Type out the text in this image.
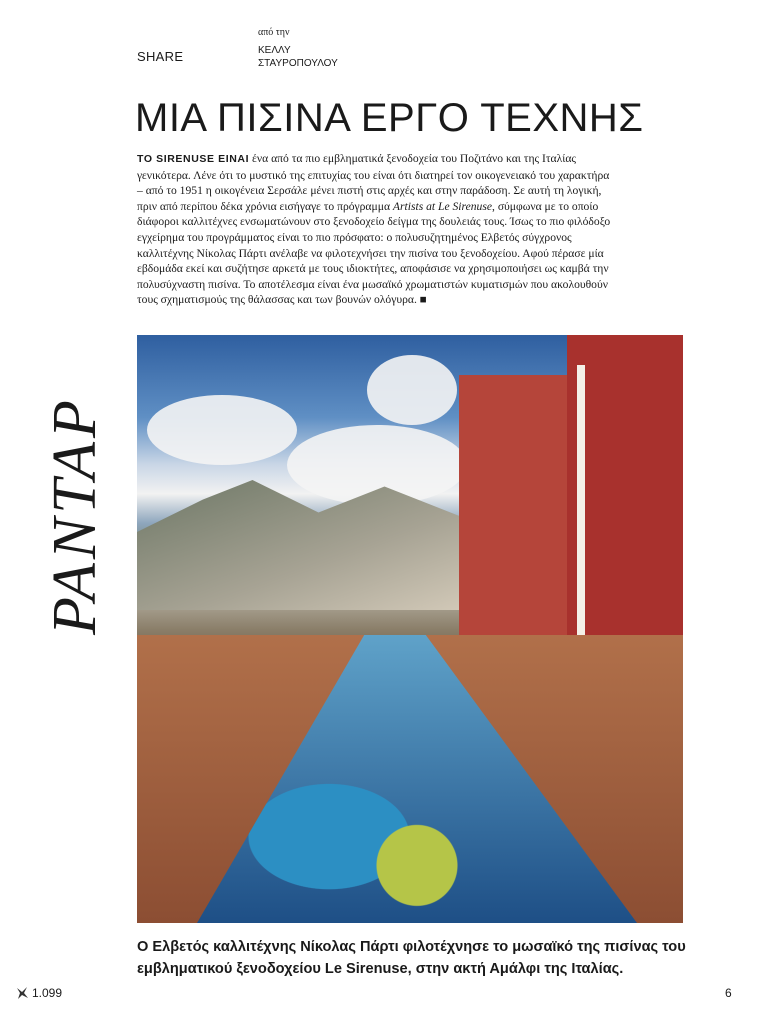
SHARE
από την
ΚΕΛΛΥ
ΣΤΑΥΡΟΠΟΥΛΟΥ
PANTAP
ΜΙΑ ΠΙΣΙΝΑ ΕΡΓΟ ΤΕΧΝΗΣ

ΤΟ SIRENUSE ΕΙΝΑΙ ένα από τα πιο εμβληματικά ξενοδοχεία του Ποζιτάνο και της Ιταλίας γενικότερα. Λένε ότι το μυστικό της επιτυχίας του είναι ότι διατηρεί τον οικογενειακό του χαρακτήρα – από το 1951 η οικογένεια Σερσάλε μένει πιστή στις αρχές και στην παράδοση. Σε αυτή τη λογική, πριν από περίπου δέκα χρόνια εισήγαγε το πρόγραμμα Artists at Le Sirenuse, σύμφωνα με το οποίο διάφοροι καλλιτέχνες ενσωματώνουν στο ξενοδοχείο δείγμα της δουλειάς τους. Ίσως το πιο φιλόδοξο εγχείρημα του προγράμματος είναι το πιο πρόσφατο: ο πολυσυζητημένος Ελβετός σύγχρονος καλλιτέχνης Νίκολας Πάρτι ανέλαβε να φιλοτεχνήσει την πισίνα του ξενοδοχείου. Αφού πέρασε μία εβδομάδα εκεί και συζήτησε αρκετά με τους ιδιοκτήτες, αποφάσισε να χρησιμοποιήσει ως καμβά την πολυσύχναστη πισίνα. Το αποτέλεσμα είναι ένα μωσαϊκό χρωματιστών κυματισμών που ακολουθούν τους σχηματισμούς της θάλασσας και των βουνών ολόγυρα. ■

Ο Ελβετός καλλιτέχνης Νίκολας Πάρτι φιλοτέχνησε το μωσαϊκό της πισίνας του εμβληματικού ξενοδοχείου Le Sirenuse, στην ακτή Αμάλφι της Ιταλίας.

1.099	6
